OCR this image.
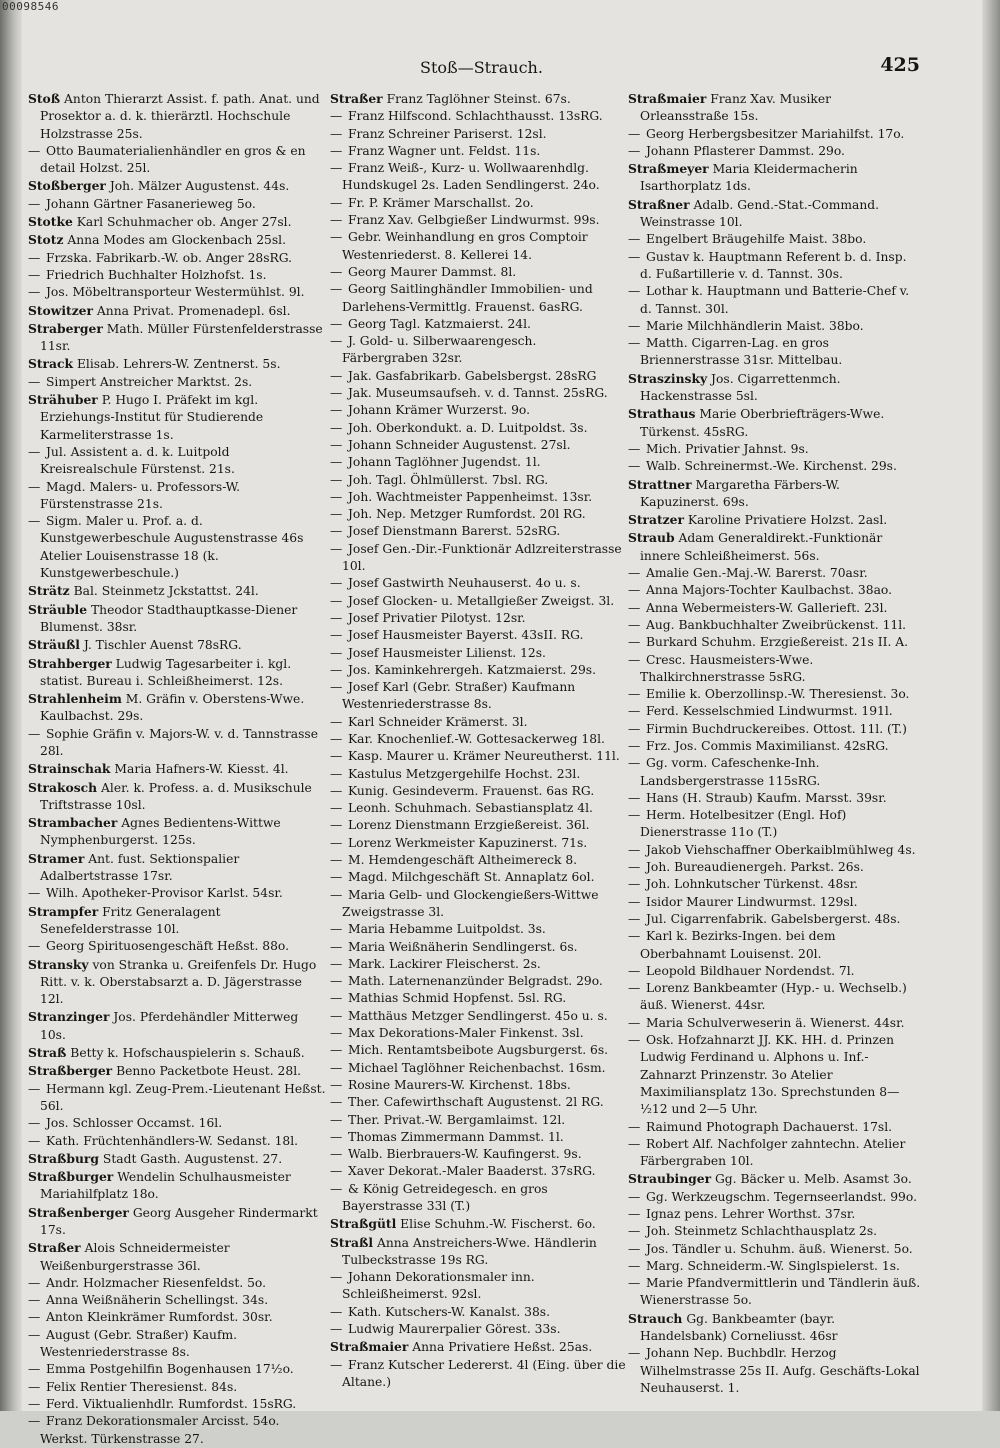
00098546
Stoß—Strauch.	425
Stoß Anton Thierarzt Assist. f. path. Anat. und Prosektor a. d. k. thierärztl. Hochschule Holzstrasse 25s.
— Otto Baumaterialienhändler en gros & en detail Holzst. 25l.
Stoßberger Joh. Mälzer Augustenst. 44s.
— Johann Gärtner Fasanerieweg 5o.
Stotke Karl Schuhmacher ob. Anger 27sl.
Stotz Anna Modes am Glockenbach 25sl.
— Frzska. Fabrikarb.-W. ob. Anger 28sRG.
— Friedrich Buchhalter Holzhofst. 1s.
— Jos. Möbeltransporteur Westermühlst. 9l.
Stowitzer Anna Privat. Promenadepl. 6sl.
Straberger Math. Müller Fürstenfelderstrasse 11sr.
Strack Elisab. Lehrers-W. Zentnerst. 5s.
— Simpert Anstreicher Marktst. 2s.
Strähuber P. Hugo I. Präfekt im kgl. Erziehungs-Institut für Studierende Karmeliterstrasse 1s.
— Jul. Assistent a. d. k. Luitpold Kreisrealschule Fürstenst. 21s.
— Magd. Malers- u. Professors-W. Fürstenstrasse 21s.
— Sigm. Maler u. Prof. a. d. Kunstgewerbeschule Augustenstrasse 46s Atelier Louisenstrasse 18 (k. Kunstgewerbeschule.)
Strätz Bal. Steinmetz Jckstattst. 24l.
Sträuble Theodor Stadthauptkasse-Diener Blumenst. 38sr.
Sträußl J. Tischler Auenst 78sRG.
Strahberger Ludwig Tagesarbeiter i. kgl. statist. Bureau i. Schleißheimerst. 12s.
Strahlenheim M. Gräfin v. Oberstens-Wwe. Kaulbachst. 29s.
— Sophie Gräfin v. Majors-W. v. d. Tannstrasse 28l.
Strainschak Maria Hafners-W. Kiesst. 4l.
Strakosch Aler. k. Profess. a. d. Musikschule Triftstrasse 10sl.
Strambacher Agnes Bedientens-Wittwe Nymphenburgerst. 125s.
Stramer Ant. fust. Sektionspalier Adalbertstrasse 17sr.
— Wilh. Apotheker-Provisor Karlst. 54sr.
Strampfer Fritz Generalagent Senefelderstrasse 10l.
— Georg Spirituosengeschäft Heßst. 88o.
Stransky von Stranka u. Greifenfels Dr. Hugo Ritt. v. k. Oberstabsarzt a. D. Jägerstrasse 12l.
Stranzinger Jos. Pferdehändler Mitterweg 10s.
Straß Betty k. Hofschauspielerin s. Schauß.
Straßberger Benno Packetbote Heust. 28l.
— Hermann kgl. Zeug-Prem.-Lieutenant Heßst. 56l.
— Jos. Schlosser Occamst. 16l.
— Kath. Früchtenhändlers-W. Sedanst. 18l.
Straßburg Stadt Gasth. Augustenst. 27.
Straßburger Wendelin Schulhausmeister Mariahilfplatz 18o.
Straßenberger Georg Ausgeher Rindermarkt 17s.
Straßer Alois Schneidermeister Weißenburgerstrasse 36l.
— Andr. Holzmacher Riesenfeldst. 5o.
— Anna Weißnäherin Schellingst. 34s.
— Anton Kleinkrämer Rumfordst. 30sr.
— August (Gebr. Straßer) Kaufm. Westenriederstrasse 8s.
— Emma Postgehilfin Bogenhausen 17½o.
— Felix Rentier Theresienst. 84s.
— Ferd. Viktualienhdlr. Rumfordst. 15sRG.
— Franz Dekorationsmaler Arcisst. 54o. Werkst. Türkenstrasse 27.
Straßer Franz Taglöhner Steinst. 67s.
— Franz Hilfscond. Schlachthausst. 13sRG.
— Franz Schreiner Pariserst. 12sl.
— Franz Wagner unt. Feldst. 11s.
— Franz Weiß-, Kurz- u. Wollwaarenhdlg. Hundskugel 2s. Laden Sendlingerst. 24o.
— Fr. P. Krämer Marschallst. 2o.
— Franz Xav. Gelbgießer Lindwurmst. 99s.
— Gebr. Weinhandlung en gros Comptoir Westenriederst. 8. Kellerei 14.
— Georg Maurer Dammst. 8l.
— Georg Saitlinghändler Immobilien- und Darlehens-Vermittlg. Frauenst. 6asRG.
— Georg Tagl. Katzmaierst. 24l.
— J. Gold- u. Silberwaarengesch. Färbergraben 32sr.
— Jak. Gasfabrikarb. Gabelsbergst. 28sRG
— Jak. Museumsaufseh. v. d. Tannst. 25sRG.
— Johann Krämer Wurzerst. 9o.
— Joh. Oberkondukt. a. D. Luitpoldst. 3s.
— Johann Schneider Augustenst. 27sl.
— Johann Taglöhner Jugendst. 1l.
— Joh. Tagl. Öhlmüllerst. 7bsl. RG.
— Joh. Wachtmeister Pappenheimst. 13sr.
— Joh. Nep. Metzger Rumfordst. 20l RG.
— Josef Dienstmann Barerst. 52sRG.
— Josef Gen.-Dir.-Funktionär Adlzreiterstrasse 10l.
— Josef Gastwirth Neuhauserst. 4o u. s.
— Josef Glocken- u. Metallgießer Zweigst. 3l.
— Josef Privatier Pilotyst. 12sr.
— Josef Hausmeister Bayerst. 43sII. RG.
— Josef Hausmeister Lilienst. 12s.
— Jos. Kaminkehrergeh. Katzmaierst. 29s.
— Josef Karl (Gebr. Straßer) Kaufmann Westenriederstrasse 8s.
— Karl Schneider Krämerst. 3l.
— Kar. Knochenlief.-W. Gottesackerweg 18l.
— Kasp. Maurer u. Krämer Neureutherst. 11l.
— Kastulus Metzgergehilfe Hochst. 23l.
— Kunig. Gesindeverm. Frauenst. 6as RG.
— Leonh. Schuhmach. Sebastiansplatz 4l.
— Lorenz Dienstmann Erzgießereist. 36l.
— Lorenz Werkmeister Kapuzinerst. 71s.
— M. Hemdengeschäft Altheimereck 8.
— Magd. Milchgeschäft St. Annaplatz 6ol.
— Maria Gelb- und Glockengießers-Wittwe Zweigstrasse 3l.
— Maria Hebamme Luitpoldst. 3s.
— Maria Weißnäherin Sendlingerst. 6s.
— Mark. Lackirer Fleischerst. 2s.
— Math. Laternenanzünder Belgradst. 29o.
— Mathias Schmid Hopfenst. 5sl. RG.
— Matthäus Metzger Sendlingerst. 45o u. s.
— Max Dekorations-Maler Finkenst. 3sl.
— Mich. Rentamtsbeibote Augsburgerst. 6s.
— Michael Taglöhner Reichenbachst. 16sm.
— Rosine Maurers-W. Kirchenst. 18bs.
— Ther. Cafewirthschaft Augustenst. 2l RG.
— Ther. Privat.-W. Bergamlaimst. 12l.
— Thomas Zimmermann Dammst. 1l.
— Walb. Bierbrauers-W. Kaufingerst. 9s.
— Xaver Dekorat.-Maler Baaderst. 37sRG.
— & König Getreidegesch. en gros Bayerstrasse 33l (T.)
Straßgütl Elise Schuhm.-W. Fischerst. 6o.
Straßl Anna Anstreichers-Wwe. Händlerin Tulbeckstrasse 19s RG.
— Johann Dekorationsmaler inn. Schleißheimerst. 92sl.
— Kath. Kutschers-W. Kanalst. 38s.
— Ludwig Maurerpalier Görest. 33s.
Straßmaier Anna Privatiere Heßst. 25as.
— Franz Kutscher Ledererst. 4l (Eing. über die Altane.)
Straßmaier Franz Xav. Musiker Orleansstraße 15s.
— Georg Herbergsbesitzer Mariahilfst. 17o.
— Johann Pflasterer Dammst. 29o.
Straßmeyer Maria Kleidermacherin Isarthorplatz 1ds.
Straßner Adalb. Gend.-Stat.-Command. Weinstrasse 10l.
— Engelbert Bräugehilfe Maist. 38bo.
— Gustav k. Hauptmann Referent b. d. Insp. d. Fußartillerie v. d. Tannst. 30s.
— Lothar k. Hauptmann und Batterie-Chef v. d. Tannst. 30l.
— Marie Milchhändlerin Maist. 38bo.
— Matth. Cigarren-Lag. en gros Briennerstrasse 31sr. Mittelbau.
Straszinsky Jos. Cigarrettenmch. Hackenstrasse 5sl.
Strathaus Marie Oberbriefträgers-Wwe. Türkenst. 45sRG.
— Mich. Privatier Jahnst. 9s.
— Walb. Schreinermst.-We. Kirchenst. 29s.
Strattner Margaretha Färbers-W. Kapuzinerst. 69s.
Stratzer Karoline Privatiere Holzst. 2asl.
Straub Adam Generaldirekt.-Funktionär innere Schleißheimerst. 56s.
— Amalie Gen.-Maj.-W. Barerst. 70asr.
— Anna Majors-Tochter Kaulbachst. 38ao.
— Anna Webermeisters-W. Gallerieft. 23l.
— Aug. Bankbuchhalter Zweibrückenst. 11l.
— Burkard Schuhm. Erzgießereist. 21s II. A.
— Cresc. Hausmeisters-Wwe. Thalkirchnerstrasse 5sRG.
— Emilie k. Oberzollinsp.-W. Theresienst. 3o.
— Ferd. Kesselschmied Lindwurmst. 191l.
— Firmin Buchdruckereibes. Ottost. 11l. (T.)
— Frz. Jos. Commis Maximilianst. 42sRG.
— Gg. vorm. Cafeschenke-Inh. Landsbergerstrasse 115sRG.
— Hans (H. Straub) Kaufm. Marsst. 39sr.
— Herm. Hotelbesitzer (Engl. Hof) Dienerstrasse 11o (T.)
— Jakob Viehschaffner Oberkaiblmühlweg 4s.
— Joh. Bureaudienergeh. Parkst. 26s.
— Joh. Lohnkutscher Türkenst. 48sr.
— Isidor Maurer Lindwurmst. 129sl.
— Jul. Cigarrenfabrik. Gabelsbergerst. 48s.
— Karl k. Bezirks-Ingen. bei dem Oberbahnamt Louisenst. 20l.
— Leopold Bildhauer Nordendst. 7l.
— Lorenz Bankbeamter (Hyp.- u. Wechselb.) äuß. Wienerst. 44sr.
— Maria Schulverweserin ä. Wienerst. 44sr.
— Osk. Hofzahnarzt JJ. KK. HH. d. Prinzen Ludwig Ferdinand u. Alphons u. Inf.-Zahnarzt Prinzenstr. 3o Atelier Maximiliansplatz 13o. Sprechstunden 8—½12 und 2—5 Uhr.
— Raimund Photograph Dachauerst. 17sl.
— Robert Alf. Nachfolger zahntechn. Atelier Färbergraben 10l.
Straubinger Gg. Bäcker u. Melb. Asamst 3o.
— Gg. Werkzeugschm. Tegernseerlandst. 99o.
— Ignaz pens. Lehrer Worthst. 37sr.
— Joh. Steinmetz Schlachthausplatz 2s.
— Jos. Tändler u. Schuhm. äuß. Wienerst. 5o.
— Marg. Schneiderm.-W. Singlspielerst. 1s.
— Marie Pfandvermittlerin und Tändlerin äuß. Wienerstrasse 5o.
Strauch Gg. Bankbeamter (bayr. Handelsbank) Corneliusst. 46sr
— Johann Nep. Buchbdlr. Herzog Wilhelmstrasse 25s II. Aufg. Geschäfts-Lokal Neuhauserst. 1.
